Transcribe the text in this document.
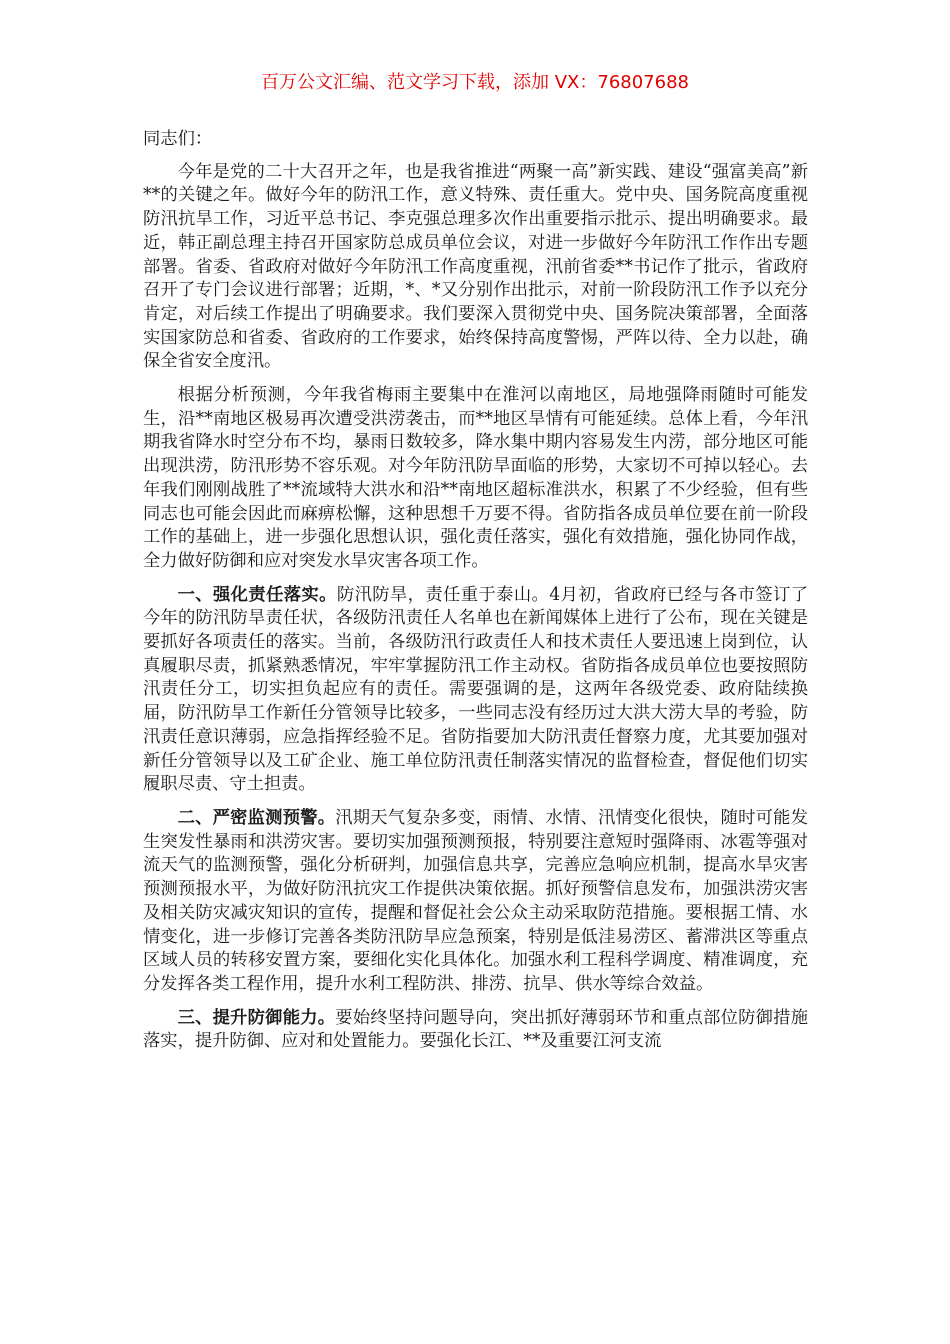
百万公文汇编、范文学习下载，添加 VX：76807688

同志们：

今年是党的二十大召开之年，也是我省推进“两聚一高”新实践、建设“强富美高”新**的关键之年。做好今年的防汛工作，意义特殊、责任重大。党中央、国务院高度重视防汛抗旱工作，习近平总书记、李克强总理多次作出重要指示批示、提出明确要求。最近，韩正副总理主持召开国家防总成员单位会议，对进一步做好今年防汛工作作出专题部署。省委、省政府对做好今年防汛工作高度重视，汛前省委**书记作了批示，省政府召开了专门会议进行部署；近期，*、*又分别作出批示，对前一阶段防汛工作予以充分肯定，对后续工作提出了明确要求。我们要深入贯彻党中央、国务院决策部署，全面落实国家防总和省委、省政府的工作要求，始终保持高度警惕，严阵以待、全力以赴，确保全省安全度汛。

根据分析预测，今年我省梅雨主要集中在淮河以南地区，局地强降雨随时可能发生，沿**南地区极易再次遭受洪涝袭击，而**地区旱情有可能延续。总体上看，今年汛期我省降水时空分布不均，暴雨日数较多，降水集中期内容易发生内涝，部分地区可能出现洪涝，防汛形势不容乐观。对今年防汛防旱面临的形势，大家切不可掉以轻心。去年我们刚刚战胜了**流域特大洪水和沿**南地区超标准洪水，积累了不少经验，但有些同志也可能会因此而麻痹松懈，这种思想千万要不得。省防指各成员单位要在前一阶段工作的基础上，进一步强化思想认识，强化责任落实，强化有效措施，强化协同作战，全力做好防御和应对突发水旱灾害各项工作。

一、强化责任落实。防汛防旱，责任重于泰山。4月初，省政府已经与各市签订了今年的防汛防旱责任状，各级防汛责任人名单也在新闻媒体上进行了公布，现在关键是要抓好各项责任的落实。当前，各级防汛行政责任人和技术责任人要迅速上岗到位，认真履职尽责，抓紧熟悉情况，牢牢掌握防汛工作主动权。省防指各成员单位也要按照防汛责任分工，切实担负起应有的责任。需要强调的是，这两年各级党委、政府陆续换届，防汛防旱工作新任分管领导比较多，一些同志没有经历过大洪大涝大旱的考验，防汛责任意识薄弱，应急指挥经验不足。省防指要加大防汛责任督察力度，尤其要加强对新任分管领导以及工矿企业、施工单位防汛责任制落实情况的监督检查，督促他们切实履职尽责、守土担责。

二、严密监测预警。汛期天气复杂多变，雨情、水情、汛情变化很快，随时可能发生突发性暴雨和洪涝灾害。要切实加强预测预报，特别要注意短时强降雨、冰雹等强对流天气的监测预警，强化分析研判，加强信息共享，完善应急响应机制，提高水旱灾害预测预报水平，为做好防汛抗灾工作提供决策依据。抓好预警信息发布，加强洪涝灾害及相关防灾减灾知识的宣传，提醒和督促社会公众主动采取防范措施。要根据工情、水情变化，进一步修订完善各类防汛防旱应急预案，特别是低洼易涝区、蓄滞洪区等重点区域人员的转移安置方案，要细化实化具体化。加强水利工程科学调度、精准调度，充分发挥各类工程作用，提升水利工程防洪、排涝、抗旱、供水等综合效益。

三、提升防御能力。要始终坚持问题导向，突出抓好薄弱环节和重点部位防御措施落实，提升防御、应对和处置能力。要强化长江、**及重要江河支流
